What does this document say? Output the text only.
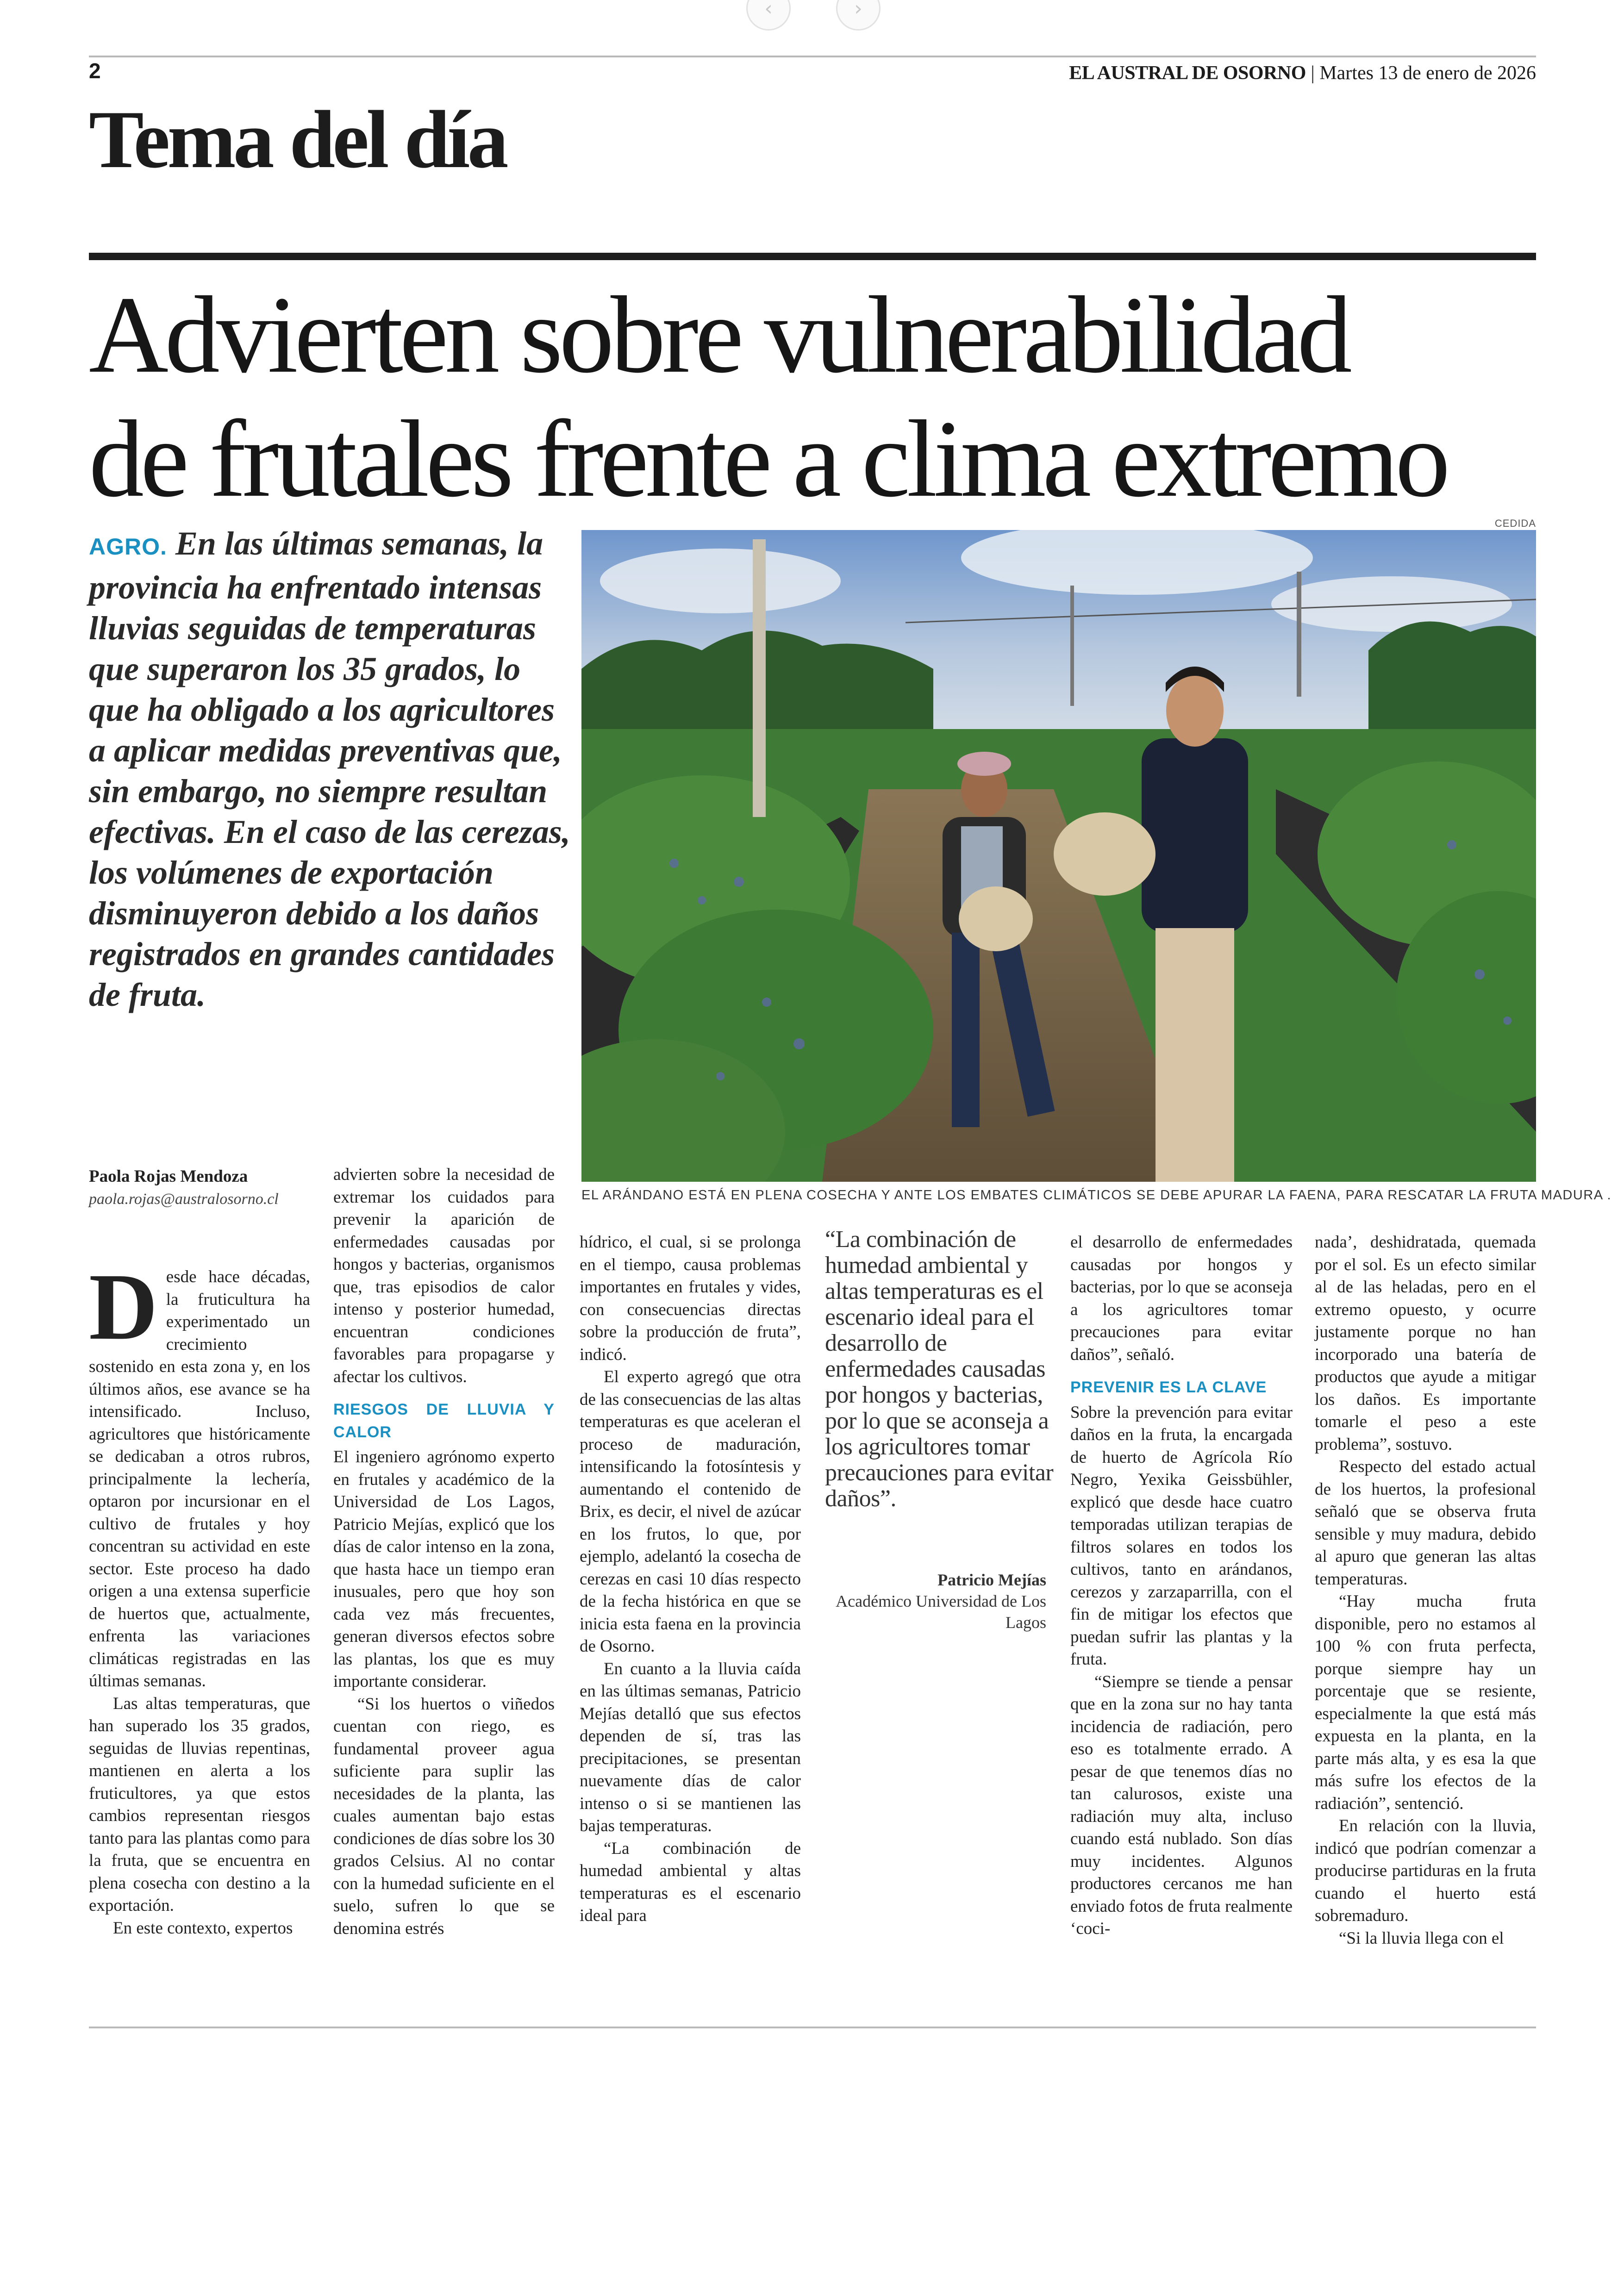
‹	›
2	EL AUSTRAL DE OSORNO | Martes 13 de enero de 2026
Tema del día
Advierten sobre vulnerabilidad
de frutales frente a clima extremo
AGRO. En las últimas semanas, la provincia ha enfrentado intensas lluvias seguidas de temperaturas que superaron los 35 grados, lo que ha obligado a los agricultores a aplicar medidas preventivas que, sin embargo, no siempre resultan efectivas. En el caso de las cerezas, los volúmenes de exportación disminuyeron debido a los daños registrados en grandes cantidades de fruta.
CEDIDA
EL ARÁNDANO ESTÁ EN PLENA COSECHA Y ANTE LOS EMBATES CLIMÁTICOS SE DEBE APURAR LA FAENA, PARA RESCATAR LA FRUTA MADURA .
Paola Rojas Mendoza
paola.rojas@australosorno.cl

Desde hace décadas, la fruticultura ha experimentado un crecimiento sostenido en esta zona y, en los últimos años, ese avance se ha intensificado. Incluso, agricultores que históricamente se dedicaban a otros rubros, principalmente la lechería, optaron por incursionar en el cultivo de frutales y hoy concentran su actividad en este sector. Este proceso ha dado origen a una extensa superficie de huertos que, actualmente, enfrenta las variaciones climáticas registradas en las últimas semanas.

Las altas temperaturas, que han superado los 35 grados, seguidas de lluvias repentinas, mantienen en alerta a los fruticultores, ya que estos cambios representan riesgos tanto para las plantas como para la fruta, que se encuentra en plena cosecha con destino a la exportación.

En este contexto, expertos

advierten sobre la necesidad de extremar los cuidados para prevenir la aparición de enfermedades causadas por hongos y bacterias, organismos que, tras episodios de calor intenso y posterior humedad, encuentran condiciones favorables para propagarse y afectar los cultivos.

RIESGOS DE LLUVIA Y CALOR

El ingeniero agrónomo experto en frutales y académico de la Universidad de Los Lagos, Patricio Mejías, explicó que los días de calor intenso en la zona, que hasta hace un tiempo eran inusuales, pero que hoy son cada vez más frecuentes, generan diversos efectos sobre las plantas, los que es muy importante considerar.

“Si los huertos o viñedos cuentan con riego, es fundamental proveer agua suficiente para suplir las necesidades de la planta, las cuales aumentan bajo estas condiciones de días sobre los 30 grados Celsius. Al no contar con la humedad suficiente en el suelo, sufren lo que se denomina estrés

hídrico, el cual, si se prolonga en el tiempo, causa problemas importantes en frutales y vides, con consecuencias directas sobre la producción de fruta”, indicó.

El experto agregó que otra de las consecuencias de las altas temperaturas es que aceleran el proceso de maduración, intensificando la fotosíntesis y aumentando el contenido de Brix, es decir, el nivel de azúcar en los frutos, lo que, por ejemplo, adelantó la cosecha de cerezas en casi 10 días respecto de la fecha histórica en que se inicia esta faena en la provincia de Osorno.

En cuanto a la lluvia caída en las últimas semanas, Patricio Mejías detalló que sus efectos dependen de sí, tras las precipitaciones, se presentan nuevamente días de calor intenso o si se mantienen las bajas temperaturas.

“La combinación de humedad ambiental y altas temperaturas es el escenario ideal para

“La combinación de humedad ambiental y altas temperaturas es el escenario ideal para el desarrollo de enfermedades causadas por hongos y bacterias, por lo que se aconseja a los agricultores tomar precauciones para evitar daños”.
Patricio Mejías
Académico Universidad de Los Lagos

el desarrollo de enfermedades causadas por hongos y bacterias, por lo que se aconseja a los agricultores tomar precauciones para evitar daños”, señaló.

PREVENIR ES LA CLAVE

Sobre la prevención para evitar daños en la fruta, la encargada de huerto de Agrícola Río Negro, Yexika Geissbühler, explicó que desde hace cuatro temporadas utilizan terapias de filtros solares en todos los cultivos, tanto en arándanos, cerezos y zarzaparrilla, con el fin de mitigar los efectos que puedan sufrir las plantas y la fruta.

“Siempre se tiende a pensar que en la zona sur no hay tanta incidencia de radiación, pero eso es totalmente errado. A pesar de que tenemos días no tan calurosos, existe una radiación muy alta, incluso cuando está nublado. Son días muy incidentes. Algunos productores cercanos me han enviado fotos de fruta realmente ‘coci-

nada’, deshidratada, quemada por el sol. Es un efecto similar al de las heladas, pero en el extremo opuesto, y ocurre justamente porque no han incorporado una batería de productos que ayude a mitigar los daños. Es importante tomarle el peso a este problema”, sostuvo.

Respecto del estado actual de los huertos, la profesional señaló que se observa fruta sensible y muy madura, debido al apuro que generan las altas temperaturas.

“Hay mucha fruta disponible, pero no estamos al 100 % con fruta perfecta, porque siempre hay un porcentaje que se resiente, especialmente la que está más expuesta en la planta, en la parte más alta, y es esa la que más sufre los efectos de la radiación”, sentenció.

En relación con la lluvia, indicó que podrían comenzar a producirse partiduras en la fruta cuando el huerto está sobremaduro.

“Si la lluvia llega con el
